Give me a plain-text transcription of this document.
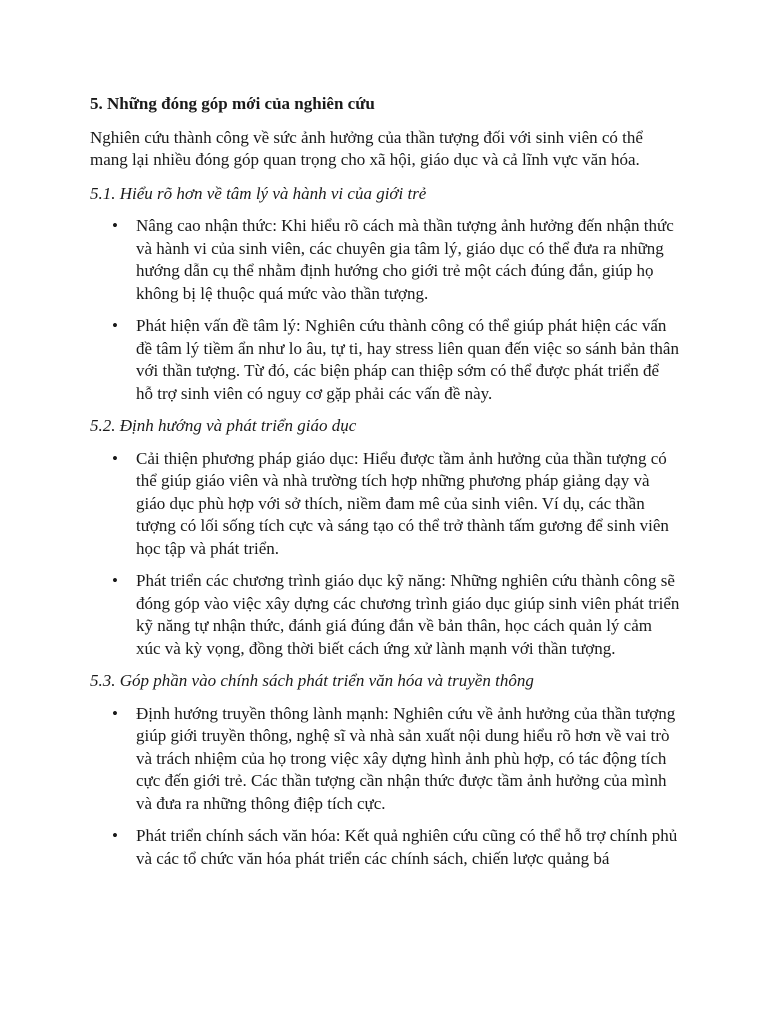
5. Những đóng góp mới của nghiên cứu
Nghiên cứu thành công về sức ảnh hưởng của thần tượng đối với sinh viên có thể mang lại nhiều đóng góp quan trọng cho xã hội, giáo dục và cả lĩnh vực văn hóa.
5.1. Hiểu rõ hơn về tâm lý và hành vi của giới trẻ
• Nâng cao nhận thức: Khi hiểu rõ cách mà thần tượng ảnh hưởng đến nhận thức và hành vi của sinh viên, các chuyên gia tâm lý, giáo dục có thể đưa ra những hướng dẫn cụ thể nhằm định hướng cho giới trẻ một cách đúng đắn, giúp họ không bị lệ thuộc quá mức vào thần tượng.
• Phát hiện vấn đề tâm lý: Nghiên cứu thành công có thể giúp phát hiện các vấn đề tâm lý tiềm ẩn như lo âu, tự ti, hay stress liên quan đến việc so sánh bản thân với thần tượng. Từ đó, các biện pháp can thiệp sớm có thể được phát triển để hỗ trợ sinh viên có nguy cơ gặp phải các vấn đề này.
5.2. Định hướng và phát triển giáo dục
• Cải thiện phương pháp giáo dục: Hiểu được tầm ảnh hưởng của thần tượng có thể giúp giáo viên và nhà trường tích hợp những phương pháp giảng dạy và giáo dục phù hợp với sở thích, niềm đam mê của sinh viên. Ví dụ, các thần tượng có lối sống tích cực và sáng tạo có thể trở thành tấm gương để sinh viên học tập và phát triển.
• Phát triển các chương trình giáo dục kỹ năng: Những nghiên cứu thành công sẽ đóng góp vào việc xây dựng các chương trình giáo dục giúp sinh viên phát triển kỹ năng tự nhận thức, đánh giá đúng đắn về bản thân, học cách quản lý cảm xúc và kỳ vọng, đồng thời biết cách ứng xử lành mạnh với thần tượng.
5.3. Góp phần vào chính sách phát triển văn hóa và truyền thông
• Định hướng truyền thông lành mạnh: Nghiên cứu về ảnh hưởng của thần tượng giúp giới truyền thông, nghệ sĩ và nhà sản xuất nội dung hiểu rõ hơn về vai trò và trách nhiệm của họ trong việc xây dựng hình ảnh phù hợp, có tác động tích cực đến giới trẻ. Các thần tượng cần nhận thức được tầm ảnh hưởng của mình và đưa ra những thông điệp tích cực.
• Phát triển chính sách văn hóa: Kết quả nghiên cứu cũng có thể hỗ trợ chính phủ và các tổ chức văn hóa phát triển các chính sách, chiến lược quảng bá
